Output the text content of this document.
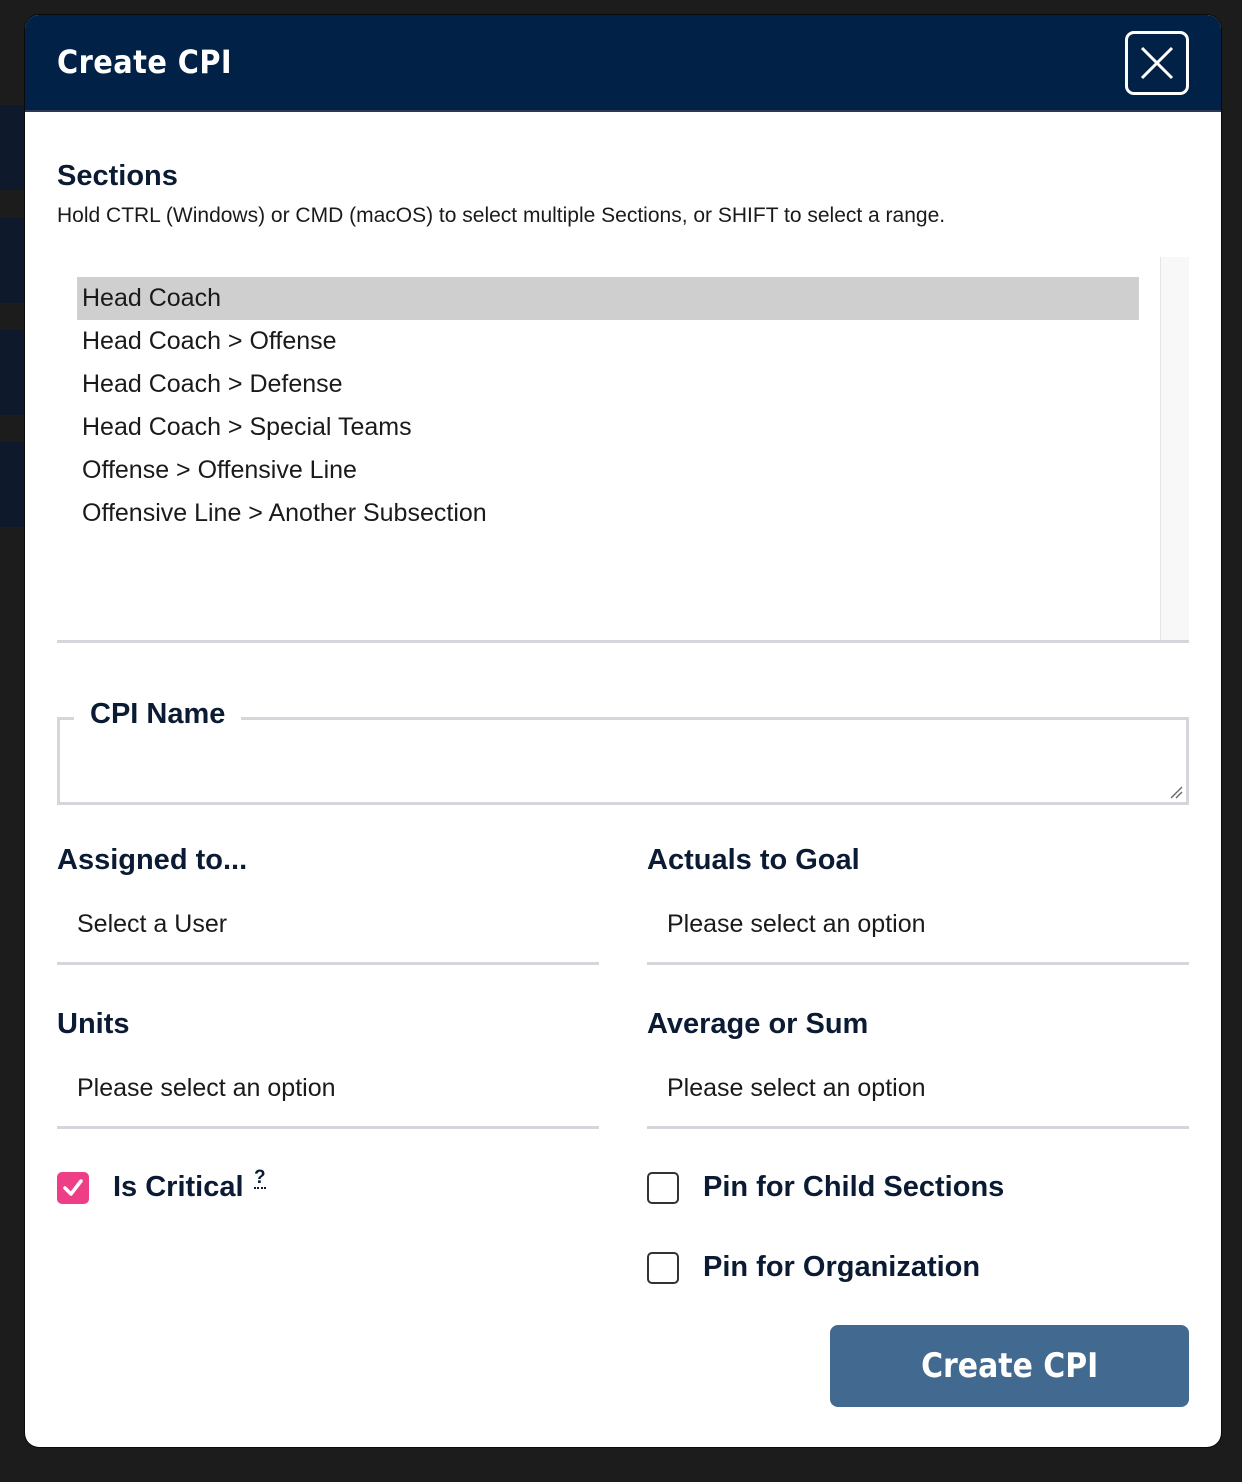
Create CPI
Sections
Hold CTRL (Windows) or CMD (macOS) to select multiple Sections, or SHIFT to select a range.
Head Coach
Head Coach > Offense
Head Coach > Defense
Head Coach > Special Teams
Offense > Offensive Line
Offensive Line > Another Subsection
CPI Name
Assigned to...
Select a User
Actuals to Goal
Please select an option
Units
Please select an option
Average or Sum
Please select an option
Is Critical ?	Pin for Child Sections
Pin for Organization
Create CPI
